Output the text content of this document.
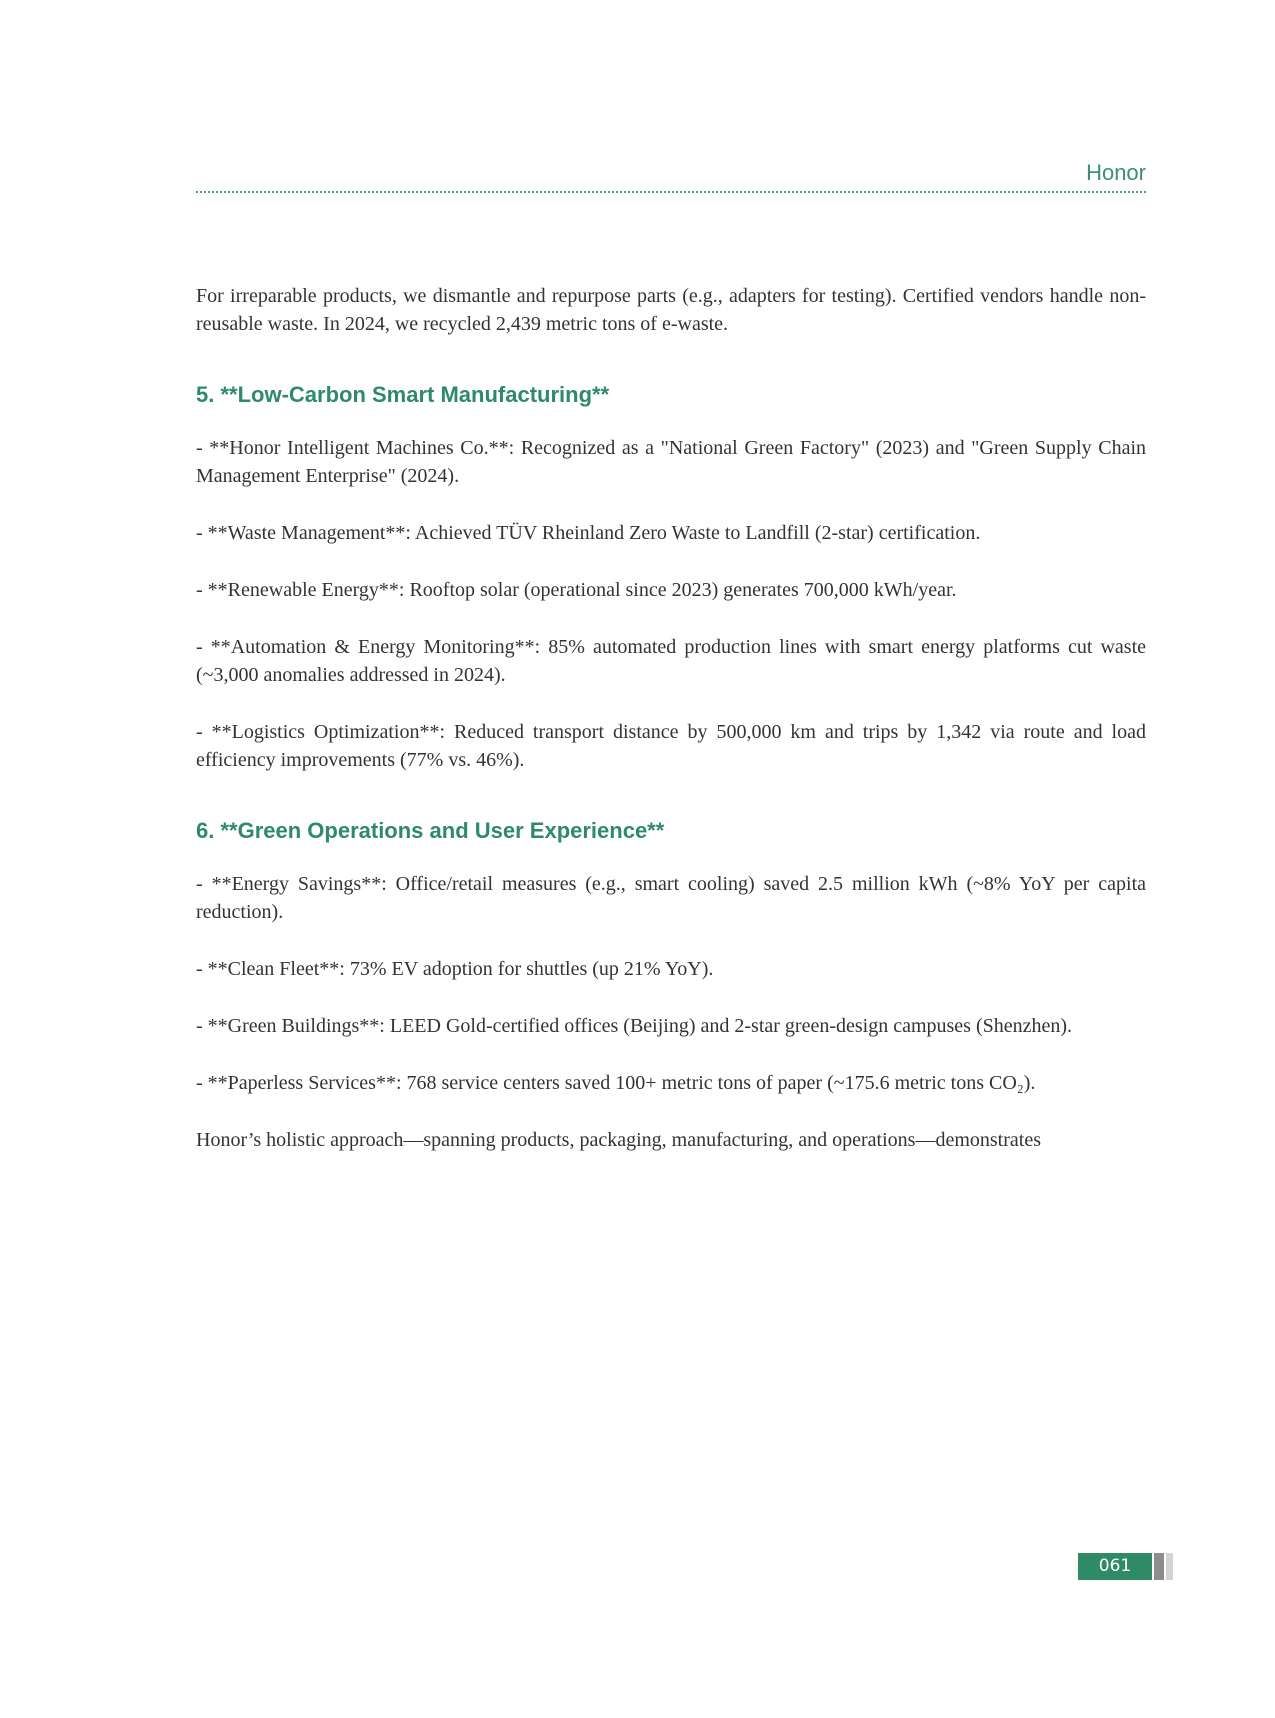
Honor

For irreparable products, we dismantle and repurpose parts (e.g., adapters for testing). Certified vendors handle non-reusable waste. In 2024, we recycled 2,439 metric tons of e-waste.

5. **Low-Carbon Smart Manufacturing**

- **Honor Intelligent Machines Co.**: Recognized as a "National Green Factory" (2023) and "Green Supply Chain Management Enterprise" (2024).

- **Waste Management**: Achieved TÜV Rheinland Zero Waste to Landfill (2-star) certification.

- **Renewable Energy**: Rooftop solar (operational since 2023) generates 700,000 kWh/year.

- **Automation & Energy Monitoring**: 85% automated production lines with smart energy platforms cut waste (~3,000 anomalies addressed in 2024).

- **Logistics Optimization**: Reduced transport distance by 500,000 km and trips by 1,342 via route and load efficiency improvements (77% vs. 46%).

6. **Green Operations and User Experience**

- **Energy Savings**: Office/retail measures (e.g., smart cooling) saved 2.5 million kWh (~8% YoY per capita reduction).

- **Clean Fleet**: 73% EV adoption for shuttles (up 21% YoY).

- **Green Buildings**: LEED Gold-certified offices (Beijing) and 2-star green-design campuses (Shenzhen).

- **Paperless Services**: 768 service centers saved 100+ metric tons of paper (~175.6 metric tons CO₂).

Honor’s holistic approach—spanning products, packaging, manufacturing, and operations—demonstrates

061
